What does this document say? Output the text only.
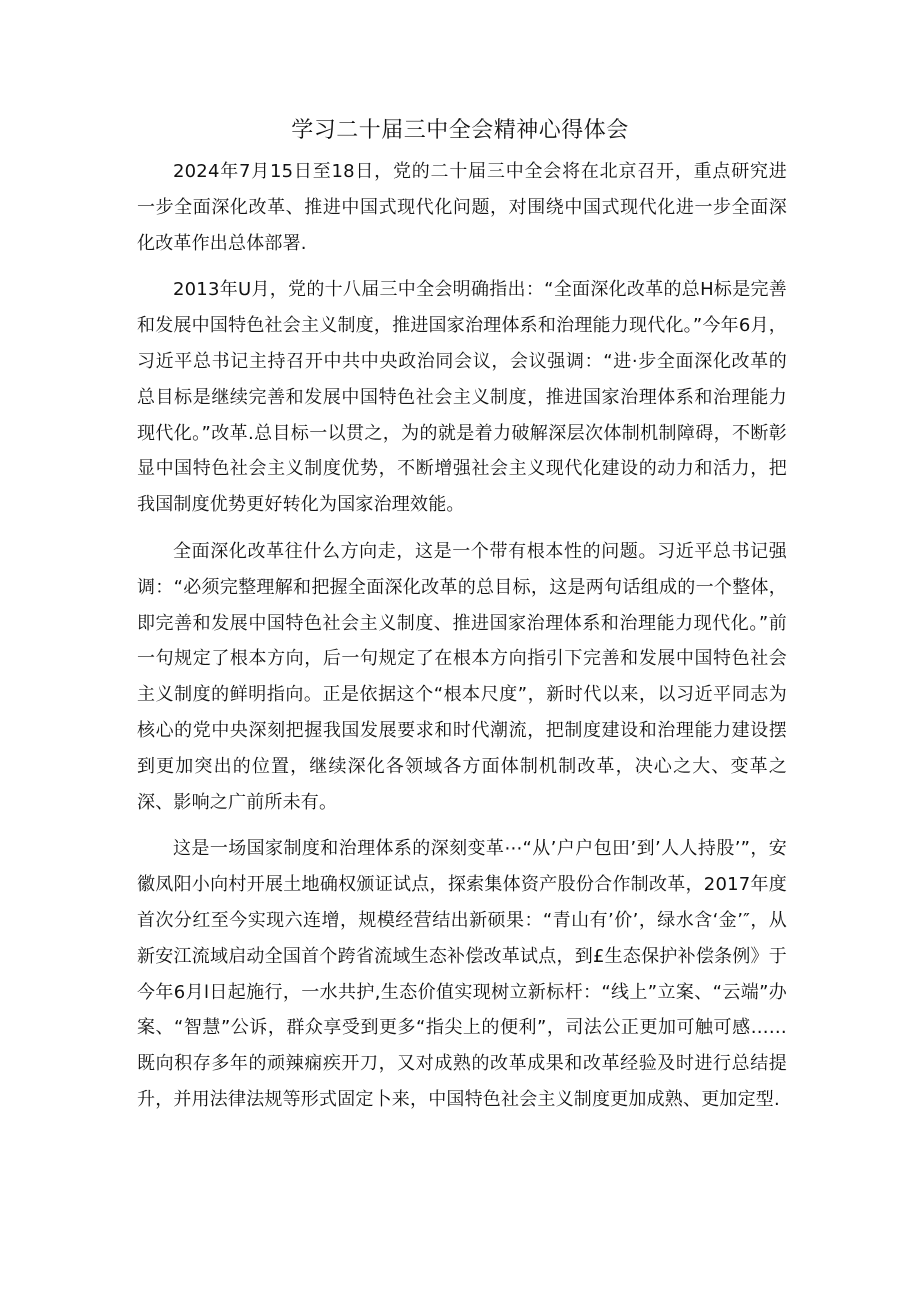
学习二十届三中全会精神心得体会

2024年7月15日至18日，党的二十届三中全会将在北京召开，重点研究进一步全面深化改革、推进中国式现代化问题，对围绕中国式现代化进一步全面深化改革作出总体部署.

2013年U月，党的十八届三中全会明确指出：“全面深化改革的总H标是完善和发展中国特色社会主义制度，推进国家治理体系和治理能力现代化。”今年6月，习近平总书记主持召开中共中央政治同会议，会议强调：“进·步全面深化改革的总目标是继续完善和发展中国特色社会主义制度，推进国家治理体系和治理能力现代化。”改革.总目标一以贯之，为的就是着力破解深层次体制机制障碍，不断彰显中国特色社会主义制度优势，不断增强社会主义现代化建设的动力和活力，把我国制度优势更好转化为国家治理效能。

全面深化改革往什么方向走，这是一个带有根本性的问题。习近平总书记强调：“必须完整理解和把握全面深化改革的总目标，这是两句话组成的一个整体，即完善和发展中国特色社会主义制度、推进国家治理体系和治理能力现代化。”前一句规定了根本方向，后一句规定了在根本方向指引下完善和发展中国特色社会主义制度的鲜明指向。正是依据这个“根本尺度”，新时代以来，以习近平同志为核心的党中央深刻把握我国发展要求和时代潮流，把制度建设和治理能力建设摆到更加突出的位置，继续深化各领域各方面体制机制改革，决心之大、变革之深、影响之广前所未有。

这是一场国家制度和治理体系的深刻变革⋯“从’户户包田’到’人人持股’”，安徽凤阳小向村开展土地确权颁证试点，探索集体资产股份合作制改革，2017年度首次分红至今实现六连增，规模经营结出新硕果：“青山有’价’，绿水含‘金’″，从新安江流域启动全国首个跨省流域生态补偿改革试点，到£生态保护补偿条例》于今年6月l日起施行，一水共护,生态价值实现树立新标杆：“线上”立案、“云端”办案、“智慧”公诉，群众享受到更多“指尖上的便利”，司法公正更加可触可感……既向积存多年的顽辣痫疾开刀，又对成熟的改革成果和改革经验及时进行总结提升，并用法律法规等形式固定卜来，中国特色社会主义制度更加成熟、更加定型.
